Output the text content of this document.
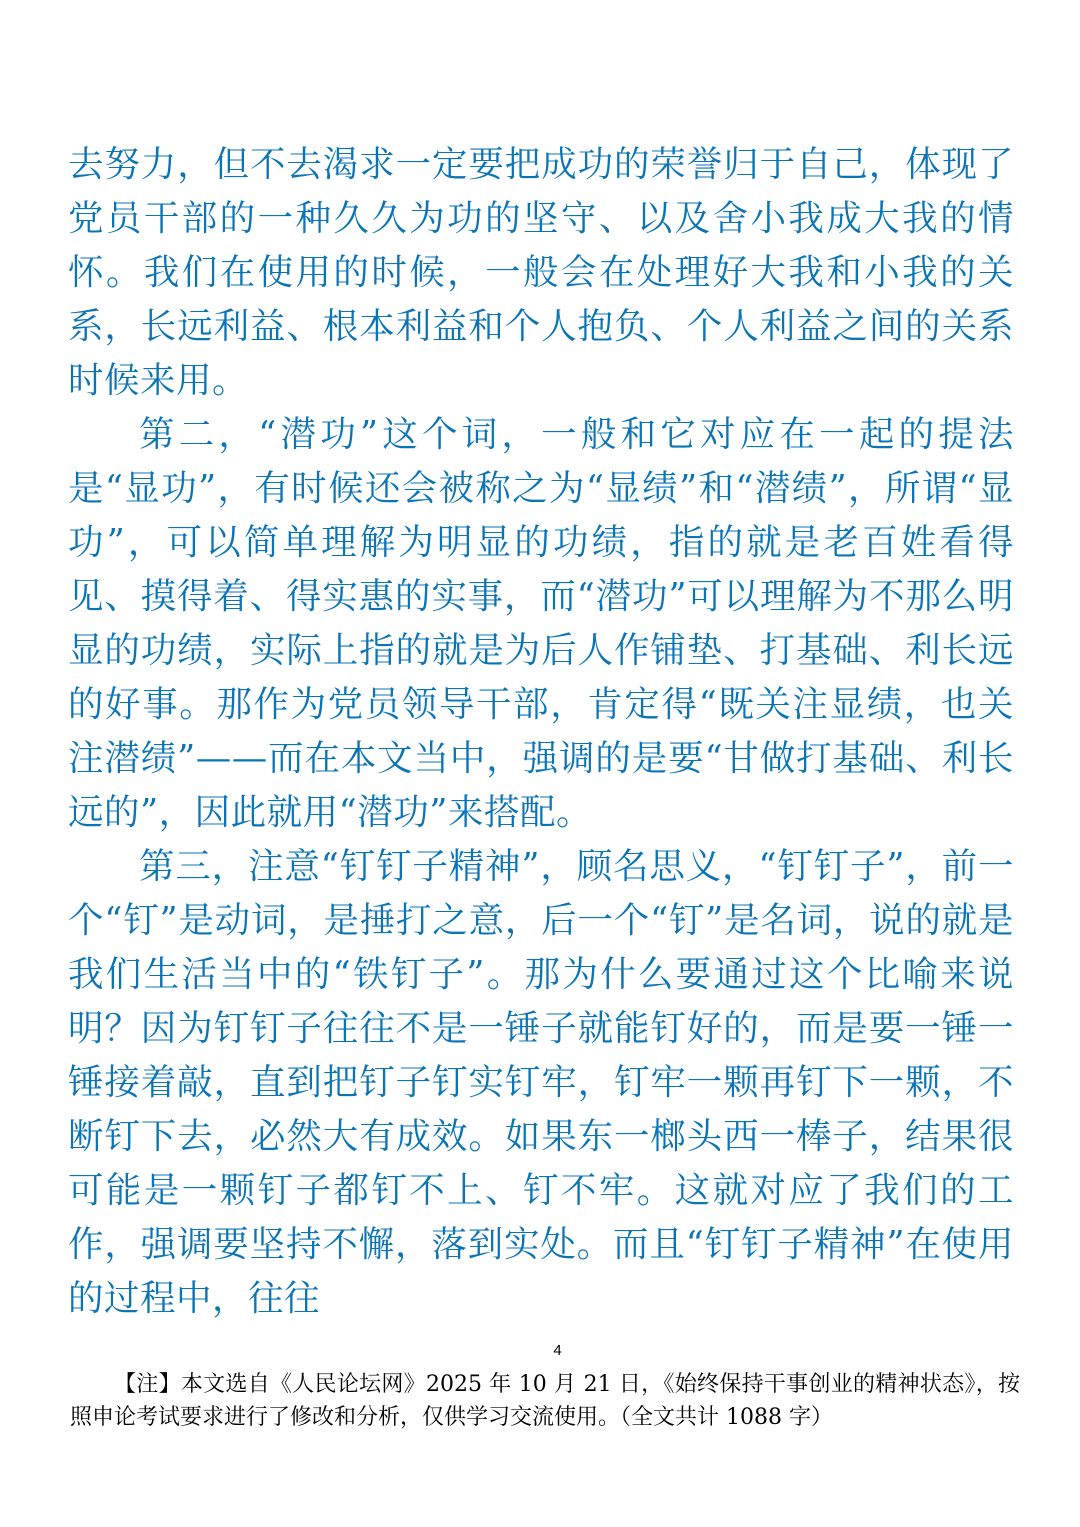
去努力，但不去渴求一定要把成功的荣誉归于自己，体现了党员干部的一种久久为功的坚守、以及舍小我成大我的情怀。我们在使用的时候，一般会在处理好大我和小我的关系，长远利益、根本利益和个人抱负、个人利益之间的关系时候来用。

第二，“潜功”这个词，一般和它对应在一起的提法是“显功”，有时候还会被称之为“显绩”和“潜绩”，所谓“显功”，可以简单理解为明显的功绩，指的就是老百姓看得见、摸得着、得实惠的实事，而“潜功”可以理解为不那么明显的功绩，实际上指的就是为后人作铺垫、打基础、利长远的好事。那作为党员领导干部，肯定得“既关注显绩，也关注潜绩”——而在本文当中，强调的是要“甘做打基础、利长远的”，因此就用“潜功”来搭配。

第三，注意“钉钉子精神”，顾名思义，“钉钉子”，前一个“钉”是动词，是捶打之意，后一个“钉”是名词，说的就是我们生活当中的“铁钉子”。那为什么要通过这个比喻来说明？因为钉钉子往往不是一锤子就能钉好的，而是要一锤一锤接着敲，直到把钉子钉实钉牢，钉牢一颗再钉下一颗，不断钉下去，必然大有成效。如果东一榔头西一棒子，结果很可能是一颗钉子都钉不上、钉不牢。这就对应了我们的工作，强调要坚持不懈，落到实处。而且“钉钉子精神”在使用的过程中，往往

4
【注】本文选自《人民论坛网》2025 年 10 月 21 日，《始终保持干事创业的精神状态》，按照申论考试要求进行了修改和分析，仅供学习交流使用。（全文共计 1088 字）
